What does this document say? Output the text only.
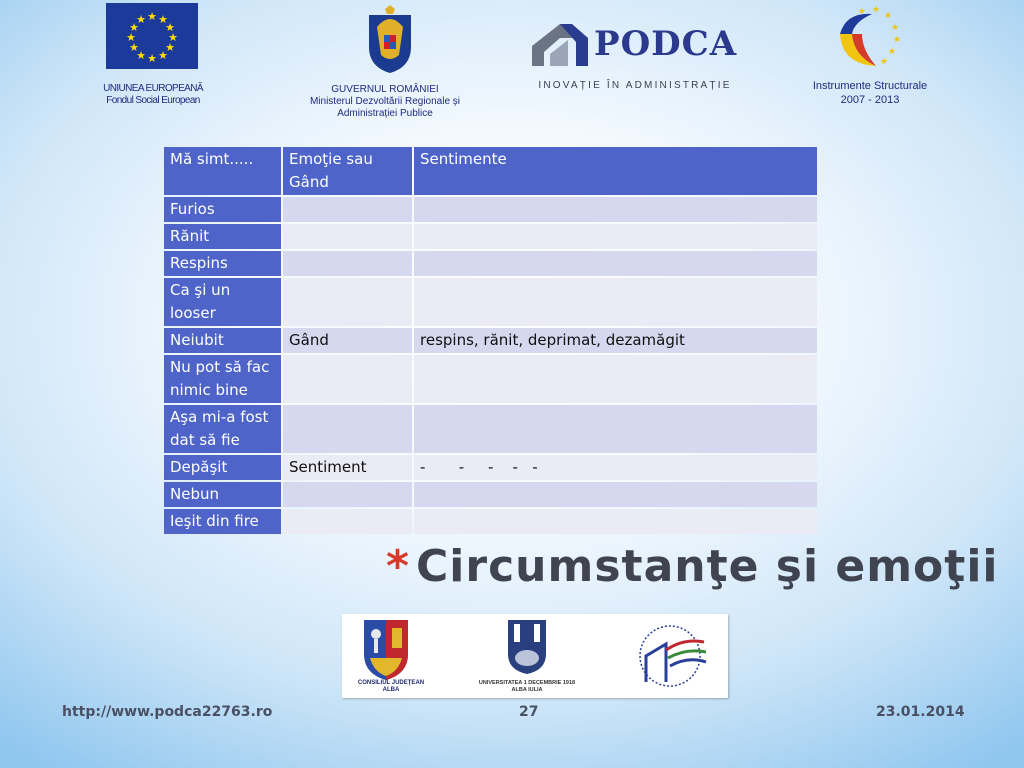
★ ★
★
★
★
★
★
★
★
★
★
★
UNIUNEA EUROPEANĂ
Fondul Social European
GUVERNUL ROMÂNIEI
Ministerul Dezvoltării Regionale și
Administrației Publice
PODCA
INOVAȚIE ÎN ADMINISTRAȚIE
★ ★
★
★
★
★
★
Instrumente Structurale
2007 - 2013
Mă simt.....	Emoţie sau Gând	Sentimente
Furios		
Rănit		
Respins		
Ca şi un looser		
Neiubit	Gând	respins, rănit, deprimat, dezamăgit
Nu pot să fac nimic bine		
Aşa mi-a fost dat să fie		
Depăşit	Sentiment	-       -     -    -   -
Nebun		
Ieşit din fire		
* Circumstanţe şi emoţii
CONSILIUL JUDEŢEAN
ALBA
UNIVERSITATEA 1 DECEMBRIE 1918
ALBA IULIA
http://www.podca22763.ro	27	23.01.2014
